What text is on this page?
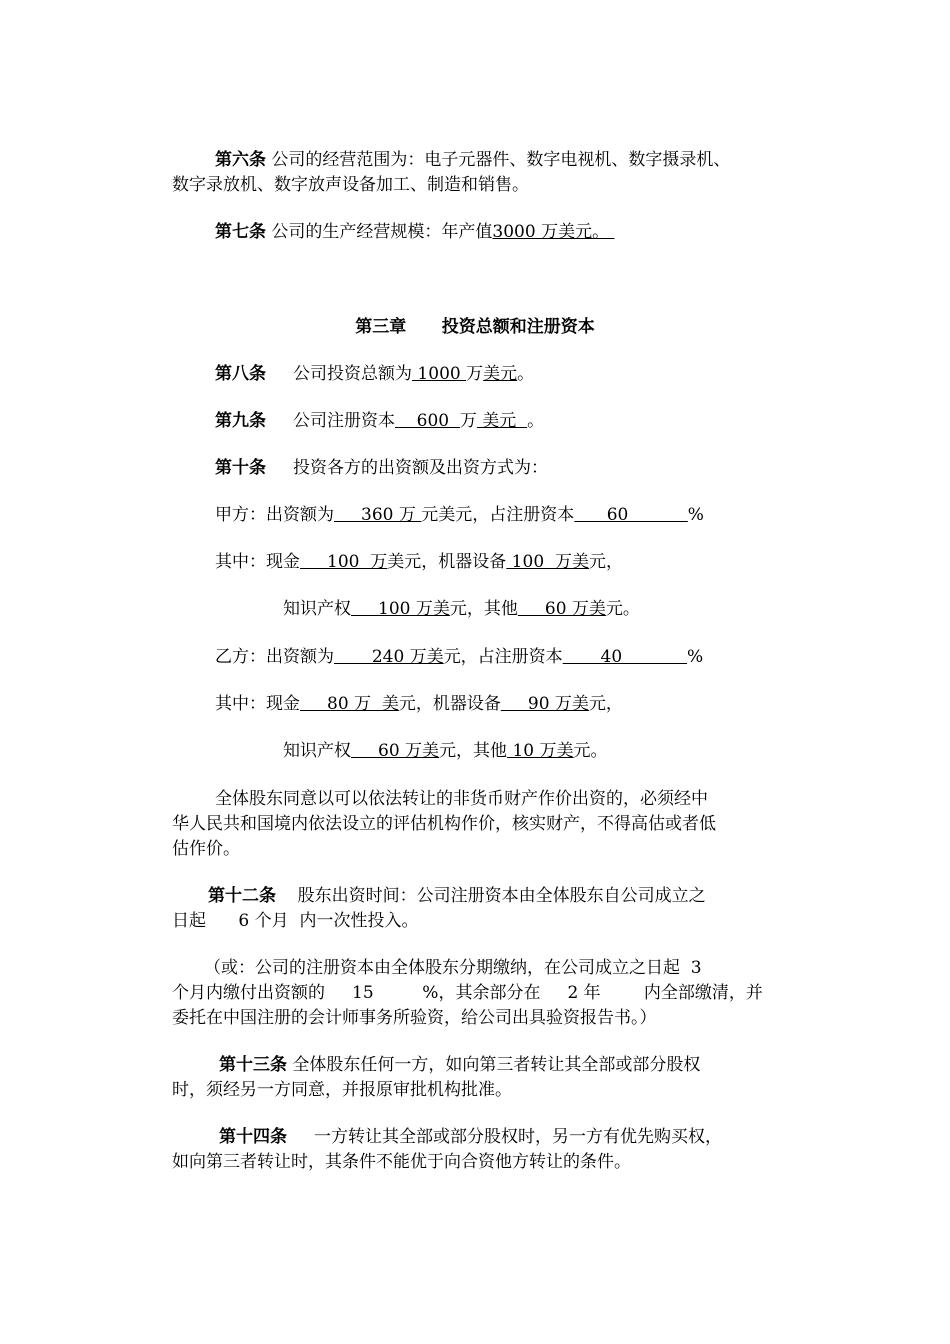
第六条 公司的经营范围为：电子元器件、数字电视机、数字摄录机、
数字录放机、数字放声设备加工、制造和销售。
第七条 公司的生产经营规模：年产值3000 万美元。
第三章      投资总额和注册资本
第八条 公司投资总额为 1000 万美元。
第九条 公司注册资本    600  万 美元  。
第十条 投资各方的出资额及出资方式为：
甲方：出资额为     360 万 元美元，占注册资本      60           %
其中：现金     100  万美元，机器设备 100  万美元，
知识产权     100 万美元，其他     60 万美元。
乙方：出资额为       240 万美元，占注册资本       40            %
其中：现金     80 万  美元，机器设备     90 万美元，
知识产权     60 万美元，其他 10 万美元。
全体股东同意以可以依法转让的非货币财产作价出资的，必须经中
华人民共和国境内依法设立的评估机构作价，核实财产，不得高估或者低
估作价。
第十二条    股东出资时间：公司注册资本由全体股东自公司成立之
日起      6 个月  内一次性投入。
（或：公司的注册资本由全体股东分期缴纳，在公司成立之日起  3
个月内缴付出资额的     15         %，其余部分在     2 年        内全部缴清，并
委托在中国注册的会计师事务所验资，给公司出具验资报告书。）
第十三条 全体股东任何一方，如向第三者转让其全部或部分股权
时，须经另一方同意，并报原审批机构批准。
第十四条     一方转让其全部或部分股权时，另一方有优先购买权，
如向第三者转让时，其条件不能优于向合资他方转让的条件。
